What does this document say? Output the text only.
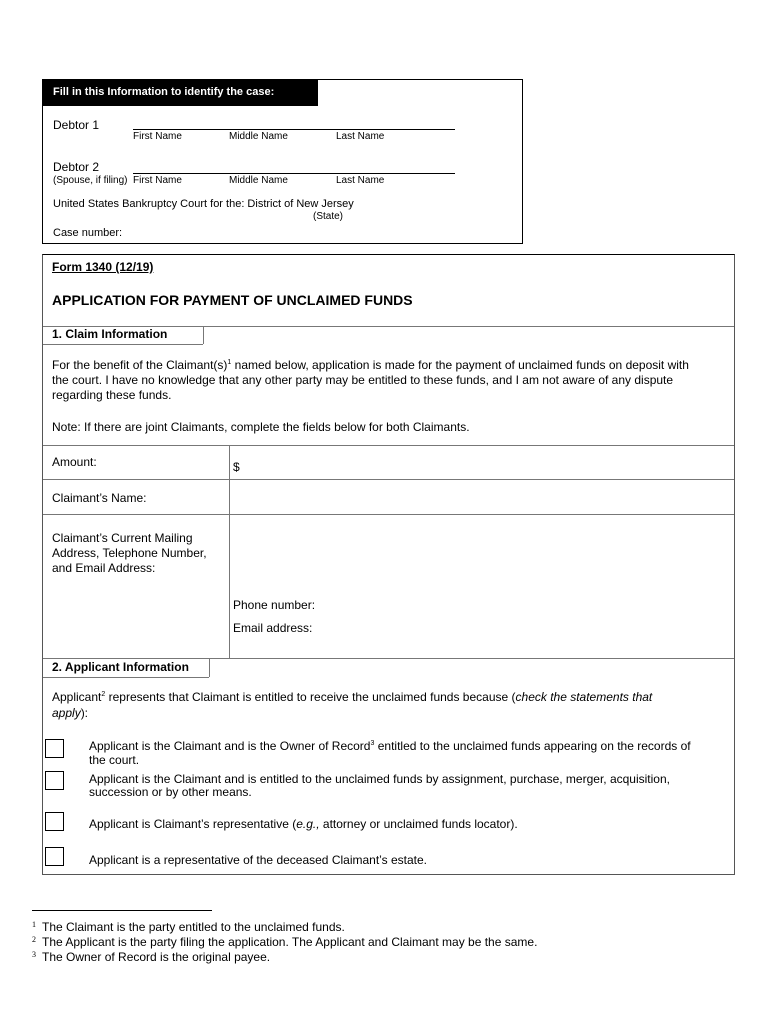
Fill in this Information to identify the case:
Debtor 1
First Name	Middle Name	Last Name
Debtor 2
(Spouse, if filing) First Name	Middle Name	Last Name
United States Bankruptcy Court for the: District of New Jersey
(State)
Case number:
Form 1340 (12/19)
APPLICATION FOR PAYMENT OF UNCLAIMED FUNDS
1. Claim Information
For the benefit of the $Claimant(s)^1$ named below, application is made for the payment of unclaimed funds on deposit with
the court. I have no knowledge that any other party may be entitled to these funds, and I am not aware of any dispute
regarding these funds.
Note: If there are joint Claimants, complete the fields below for both Claimants.
Amount:	$
Claimant’s Name:
Claimant’s Current Mailing
Address, Telephone Number,
and Email Address:
Phone number:
Email address:
2. Applicant Information
Applicant$^2$ represents that Claimant is entitled to receive the unclaimed funds because (check the statements that
apply):
Applicant is the Claimant and is the Owner of Record$^3$ entitled to the unclaimed funds appearing on the records of
the court.
Applicant is the Claimant and is entitled to the unclaimed funds by assignment, purchase, merger, acquisition,
succession or by other means.
Applicant is Claimant’s representative (e.g., attorney or unclaimed funds locator).
Applicant is a representative of the deceased Claimant’s estate.
1 The Claimant is the party entitled to the unclaimed funds.
2 The Applicant is the party filing the application. The Applicant and Claimant may be the same.
3 The Owner of Record is the original payee.
